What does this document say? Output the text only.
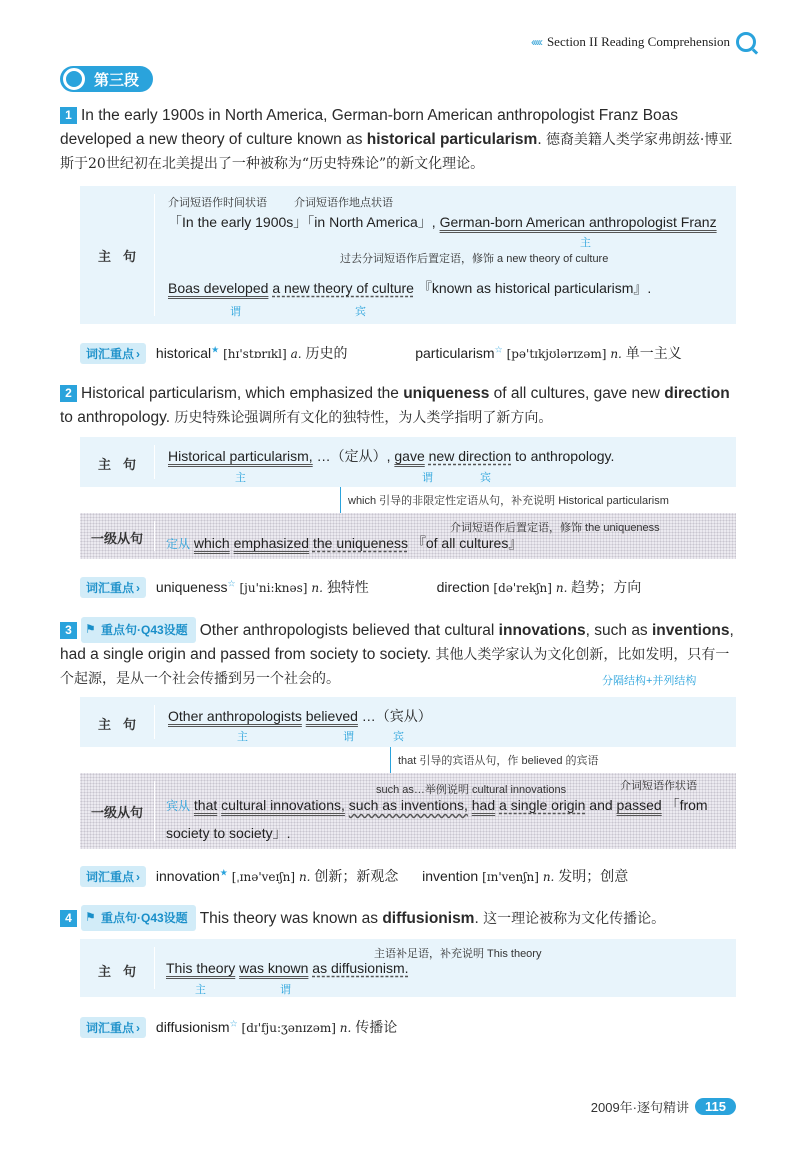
‹‹‹‹‹ Section II Reading Comprehension
第三段
1 In the early 1900s in North America, German-born American anthropologist Franz Boas developed a new theory of culture known as historical particularism. 德裔美籍人类学家弗朗兹·博亚斯于20世纪初在北美提出了一种被称为“历史特殊论”的新文化理论。
主句
介词短语作时间状语 介词短语作地点状语
「In the early 1900s」「in North America」, German-born American anthropologist Franz
主
过去分词短语作后置定语，修饰 a new theory of culture
Boas developed a new theory of culture 『known as historical particularism』.
谓	宾
词汇重点 › historical★ [hɪ'stɒrɪkl] a. 历史的	particularism☆ [pə'tɪkjʊlərɪzəm] n. 单一主义
2 Historical particularism, which emphasized the uniqueness of all cultures, gave new direction to anthropology. 历史特殊论强调所有文化的独特性，为人类学指明了新方向。
主句
Historical particularism, …（定从）, gave new direction to anthropology.
主	谓	宾
which 引导的非限定性定语从句，补充说明 Historical particularism
一级从句
介词短语作后置定语，修饰 the uniqueness
定从 which emphasized the uniqueness 『of all cultures』
词汇重点 › uniqueness☆ [ju'ni:knəs] n. 独特性	direction [də'rekʃn] n. 趋势；方向
3 ⚑ 重点句·Q43设题 Other anthropologists believed that cultural innovations, such as inventions, had a single origin and passed from society to society. 其他人类学家认为文化创新，比如发明，只有一个起源，是从一个社会传播到另一个社会的。	分隔结构+并列结构
主句
Other anthropologists believed …（宾从）
主	谓	宾
that 引导的宾语从句，作 believed 的宾语
一级从句
such as…举例说明 cultural innovations	介词短语作状语
宾从 that cultural innovations, such as inventions, had a single origin and passed 「from
society to society」.
词汇重点 › innovation★ [ˌɪnə'veɪʃn] n. 创新；新观念 invention [ɪn'venʃn] n. 发明；创意
4 ⚑ 重点句·Q43设题 This theory was known as diffusionism. 这一理论被称为文化传播论。
主句
主语补足语，补充说明 This theory
This theory was known as diffusionism.
主	谓
词汇重点 › diffusionism☆ [dɪ'fju:ʒənɪzəm] n. 传播论
2009年·逐句精讲	115
